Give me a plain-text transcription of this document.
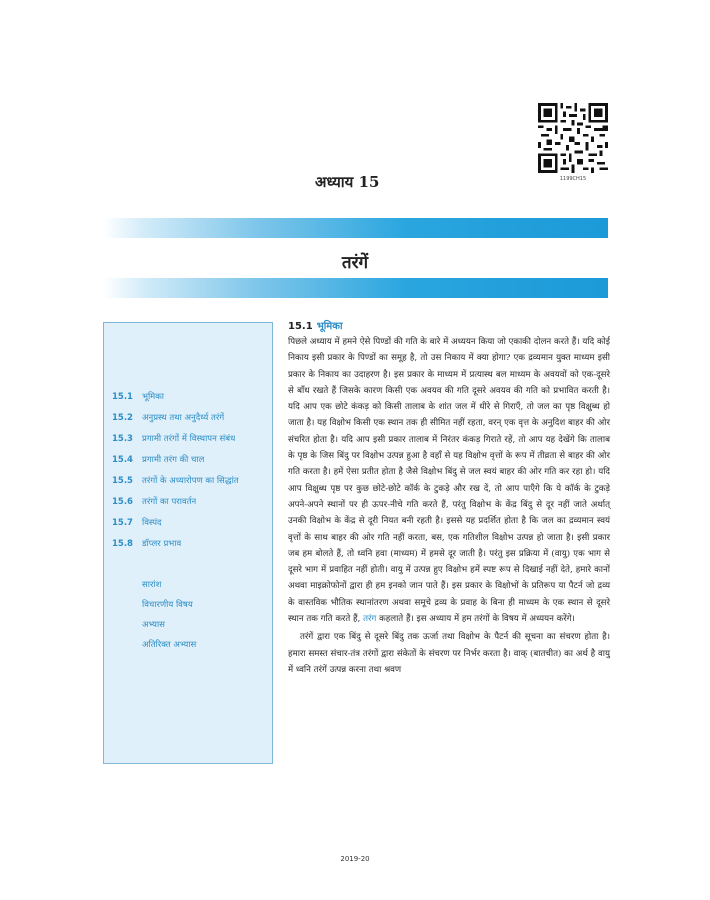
1199CH15
अध्याय 15
तरंगें
15.1	भूमिका
15.2	अनुप्रस्थ तथा अनुदैर्ध्य तरंगें
15.3	प्रगामी तरंगों में विस्थापन संबंध
15.4	प्रगामी तरंग की चाल
15.5	तरंगों के अध्यारोपण का सिद्धांत
15.6	तरंगों का परावर्तन
15.7	विस्पंद
15.8	डॉप्लर प्रभाव
सारांश
विचारणीय विषय
अभ्यास
अतिरिक्त अभ्यास
15.1 भूमिका

पिछले अध्याय में हमने ऐसे पिण्डों की गति के बारे में अध्ययन किया जो एकाकी दोलन करते हैं। यदि कोई निकाय इसी प्रकार के पिण्डों का समूह है, तो उस निकाय में क्या होगा? एक द्रव्यमान युक्त माध्यम इसी प्रकार के निकाय का उदाहरण है। इस प्रकार के माध्यम में प्रत्यास्थ बल माध्यम के अवयवों को एक-दूसरे से बाँध रखते हैं जिसके कारण किसी एक अवयव की गति दूसरे अवयव की गति को प्रभावित करती है। यदि आप एक छोटे कंकड़ को किसी तालाब के शांत जल में धीरे से गिराएँ, तो जल का पृष्ठ विक्षुब्ध हो जाता है। यह विक्षोभ किसी एक स्थान तक ही सीमित नहीं रहता, वरन् एक वृत्त के अनुदिश बाहर की ओर संचरित होता है। यदि आप इसी प्रकार तालाब में निरंतर कंकड़ गिराते रहें, तो आप यह देखेंगे कि तालाब के पृष्ठ के जिस बिंदु पर विक्षोभ उत्पन्न हुआ है वहाँ से यह विक्षोभ वृत्तों के रूप में तीव्रता से बाहर की ओर गति करता है। हमें ऐसा प्रतीत होता है जैसे विक्षोभ बिंदु से जल स्वयं बाहर की ओर गति कर रहा हो। यदि आप विक्षुब्ध पृष्ठ पर कुछ छोटे-छोटे कॉर्क के टुकड़े और रख दें, तो आप पाएँगे कि ये कॉर्क के टुकड़े अपने-अपने स्थानों पर ही ऊपर-नीचे गति करते हैं, परंतु विक्षोभ के केंद्र बिंदु से दूर नहीं जाते अर्थात् उनकी विक्षोभ के केंद्र से दूरी नियत बनी रहती है। इससे यह प्रदर्शित होता है कि जल का द्रव्यमान स्वयं वृत्तों के साथ बाहर की ओर गति नहीं करता, बस, एक गतिशील विक्षोभ उत्पन्न हो जाता है। इसी प्रकार जब हम बोलते हैं, तो ध्वनि हवा (माध्यम) में हमसे दूर जाती है। परंतु इस प्रक्रिया में (वायु) एक भाग से दूसरे भाग में प्रवाहित नहीं होती। वायु में उत्पन्न हुए विक्षोभ हमें स्पष्ट रूप से दिखाई नहीं देते, हमारे कानों अथवा माइक्रोफोनों द्वारा ही हम इनको जान पाते हैं। इस प्रकार के विक्षोभों के प्रतिरूप या पैटर्न जो द्रव्य के वास्तविक भौतिक स्थानांतरण अथवा समूचे द्रव्य के प्रवाह के बिना ही माध्यम के एक स्थान से दूसरे स्थान तक गति करते हैं, तरंग कहलाते हैं। इस अध्याय में हम तरंगों के विषय में अध्ययन करेंगे।

तरंगें द्वारा एक बिंदु से दूसरे बिंदु तक ऊर्जा तथा विक्षोभ के पैटर्न की सूचना का संचरण होता है। हमारा समस्त संचार-तंत्र तरंगों द्वारा संकेतों के संचरण पर निर्भर करता है। वाक् (बातचीत) का अर्थ है वायु में ध्वनि तरंगें उत्पन्न करना तथा श्रवण

2019-20
